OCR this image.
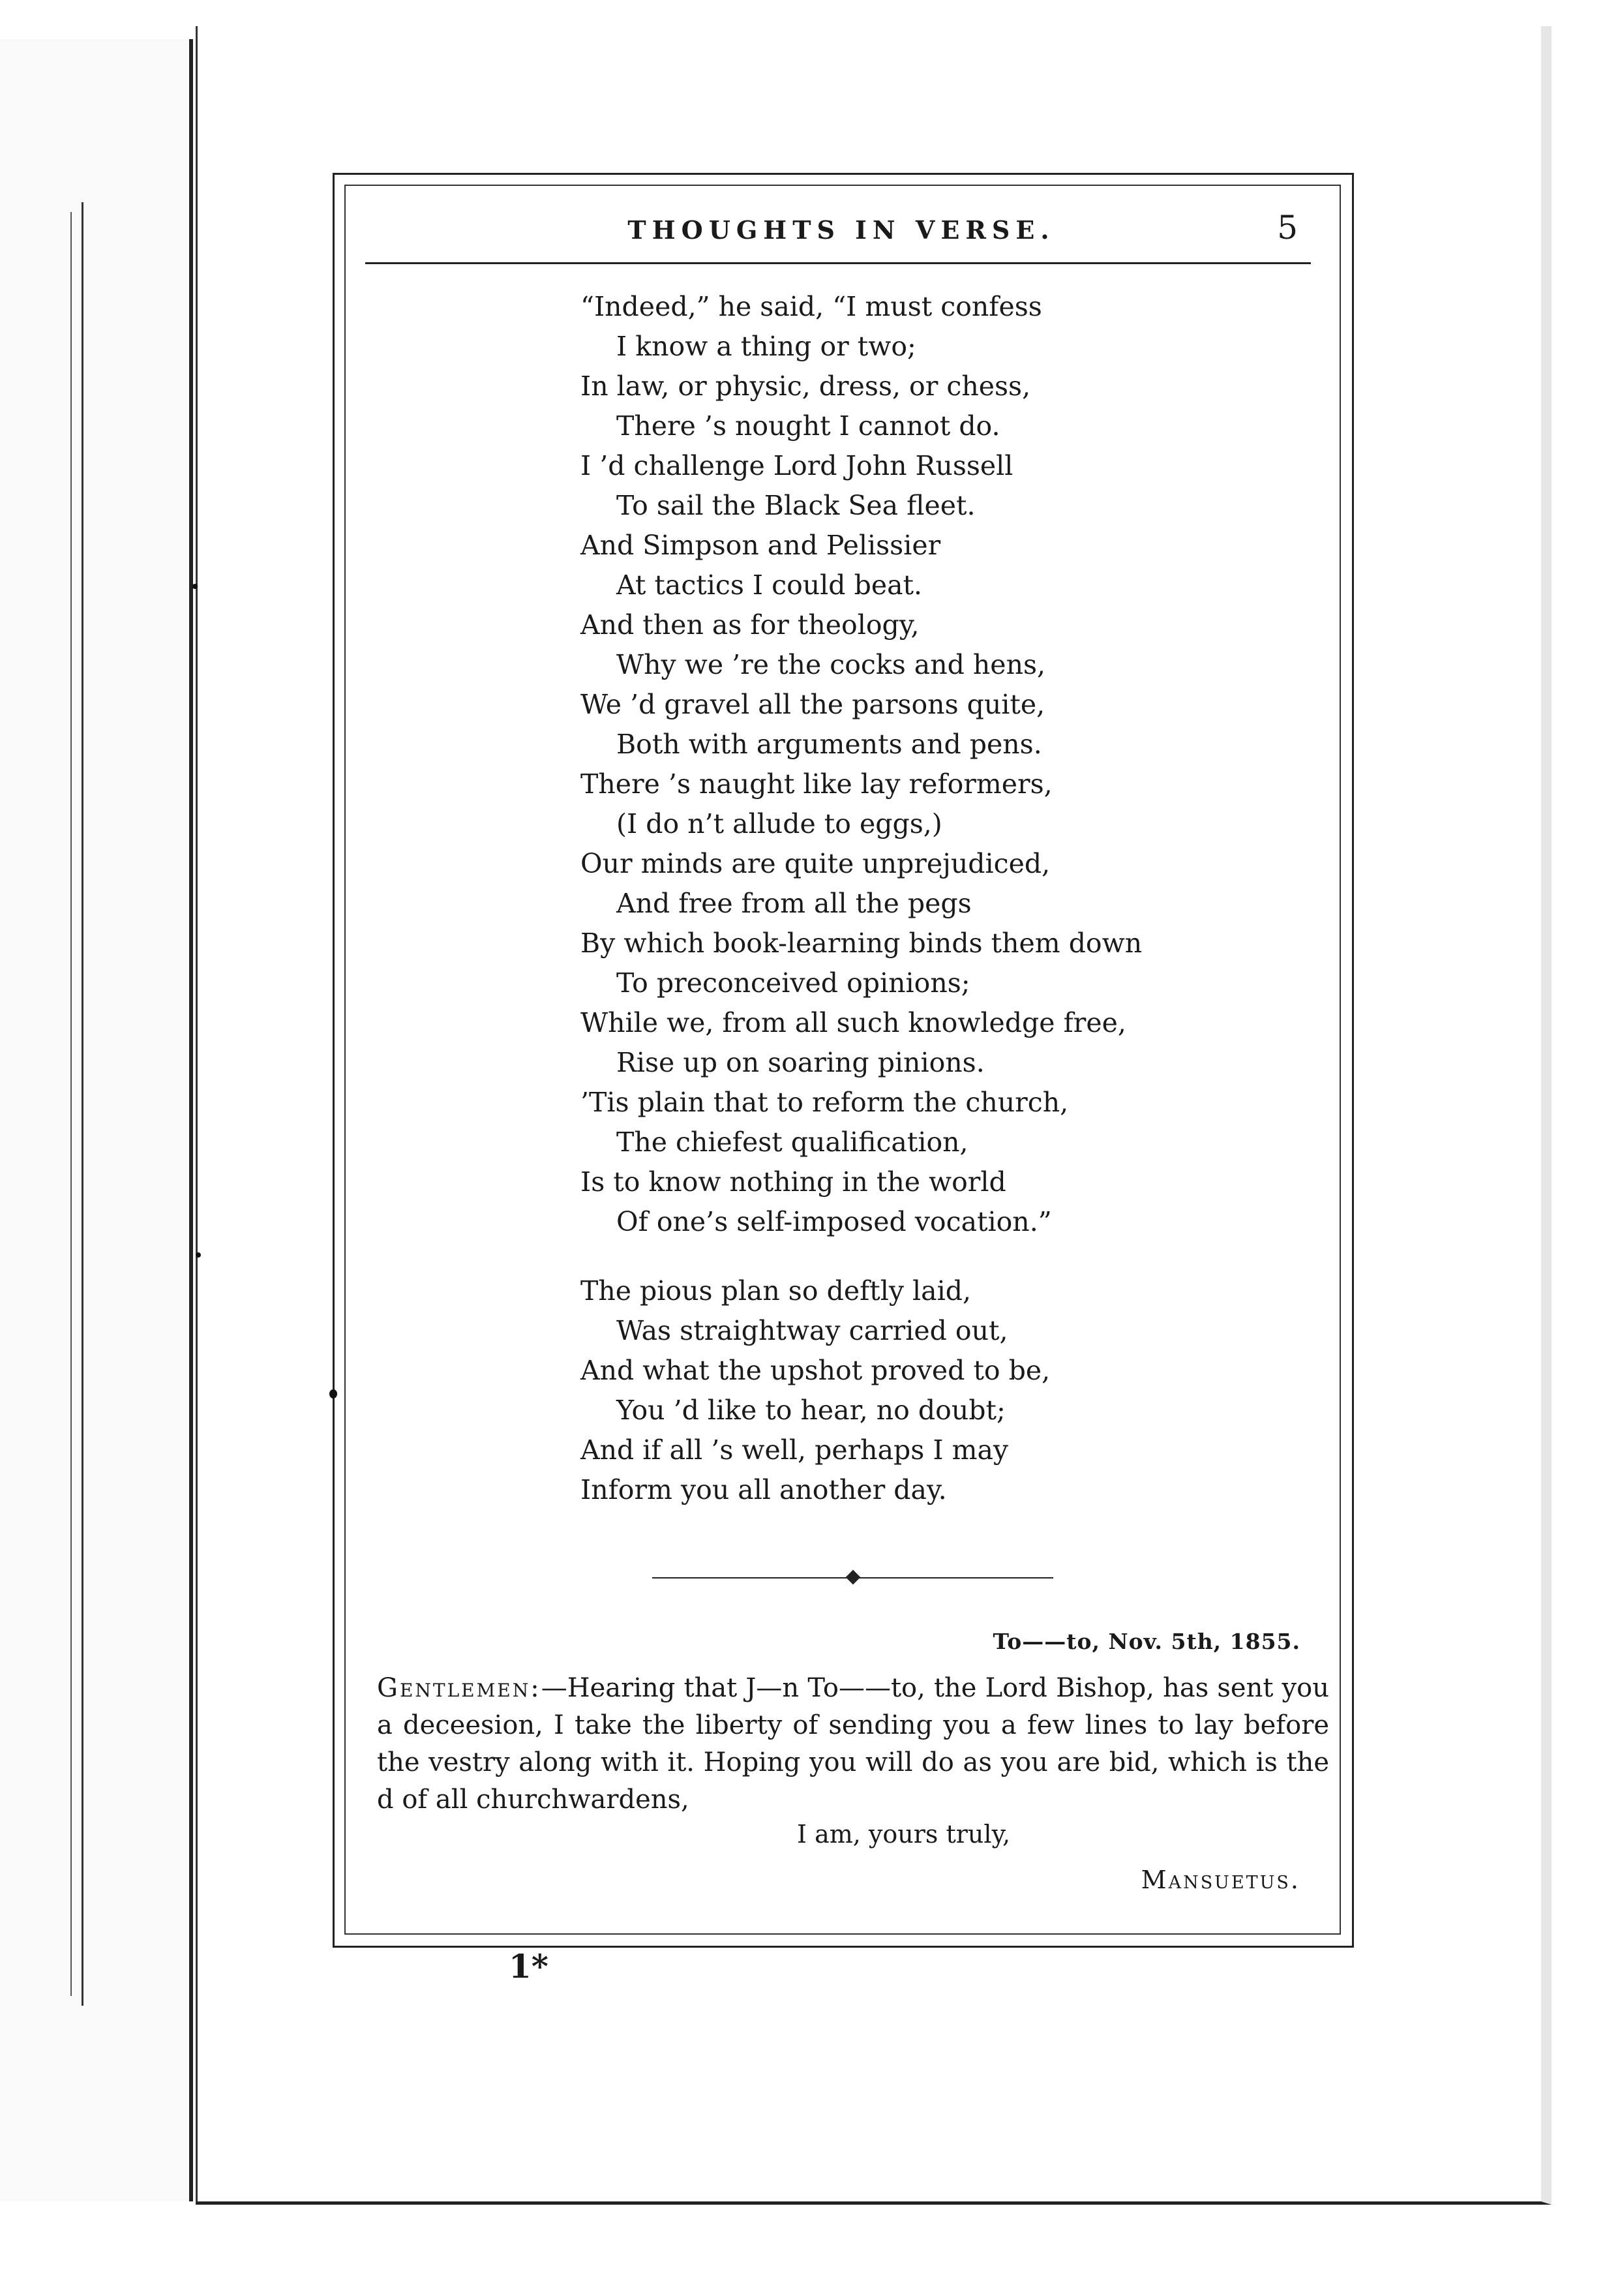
THOUGHTS IN VERSE.	5
“Indeed,” he said, “I must confess
I know a thing or two;
In law, or physic, dress, or chess,
There ’s nought I cannot do.
I ’d challenge Lord John Russell
To sail the Black Sea fleet.
And Simpson and Pelissier
At tactics I could beat.
And then as for theology,
Why we ’re the cocks and hens,
We ’d gravel all the parsons quite,
Both with arguments and pens.
There ’s naught like lay reformers,
(I do n’t allude to eggs,)
Our minds are quite unprejudiced,
And free from all the pegs
By which book-learning binds them down
To preconceived opinions;
While we, from all such knowledge free,
Rise up on soaring pinions.
’Tis plain that to reform the church,
The chiefest qualification,
Is to know nothing in the world
Of one’s self-imposed vocation.”
The pious plan so deftly laid,
Was straightway carried out,
And what the upshot proved to be,
You ’d like to hear, no doubt;
And if all ’s well, perhaps I may
Inform you all another day.
To——to, Nov. 5th, 1855.
Gentlemen:—Hearing that J—n To——to, the Lord Bishop, has sent you a deceesion, I take the liberty of sending you a few lines to lay before the vestry along with it. Hoping you will do as you are bid, which is the d of all churchwardens,
I am, yours truly,
Mansuetus.
1*
